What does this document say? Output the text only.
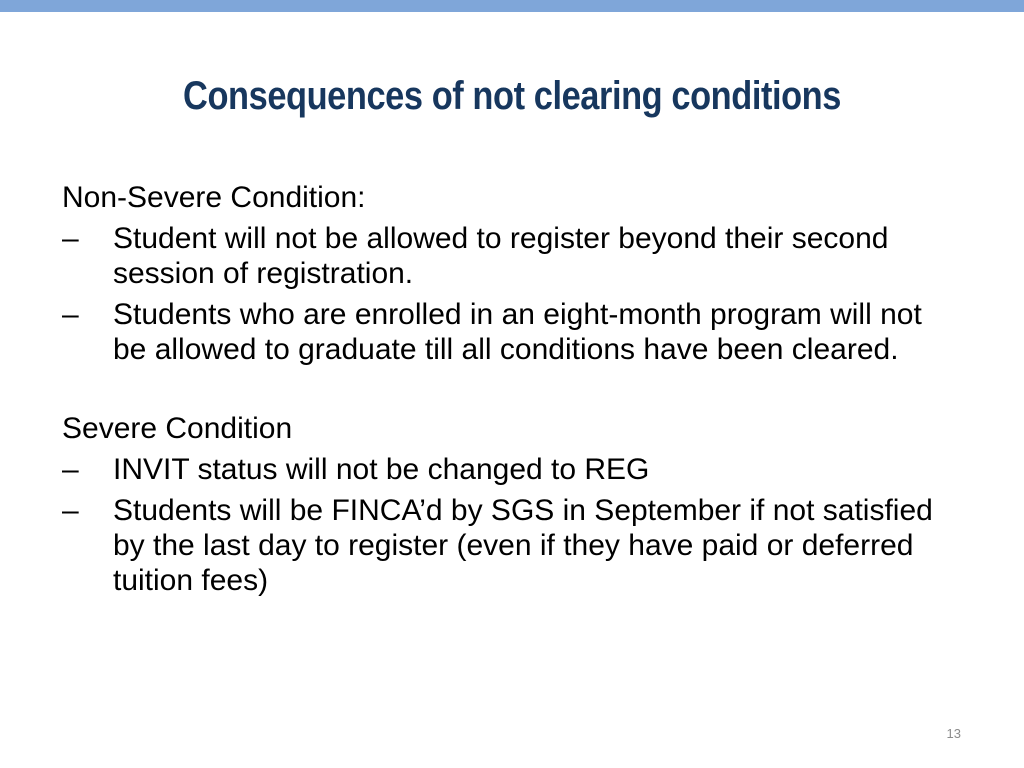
Consequences of not clearing conditions

Non-Severe Condition:

– Student will not be allowed to register beyond their second session of registration.
– Students who are enrolled in an eight-month program will not be allowed to graduate till all conditions have been cleared.

Severe Condition

– INVIT status will not be changed to REG
– Students will be FINCA’d by SGS in September if not satisfied by the last day to register (even if they have paid or deferred tuition fees)
13
